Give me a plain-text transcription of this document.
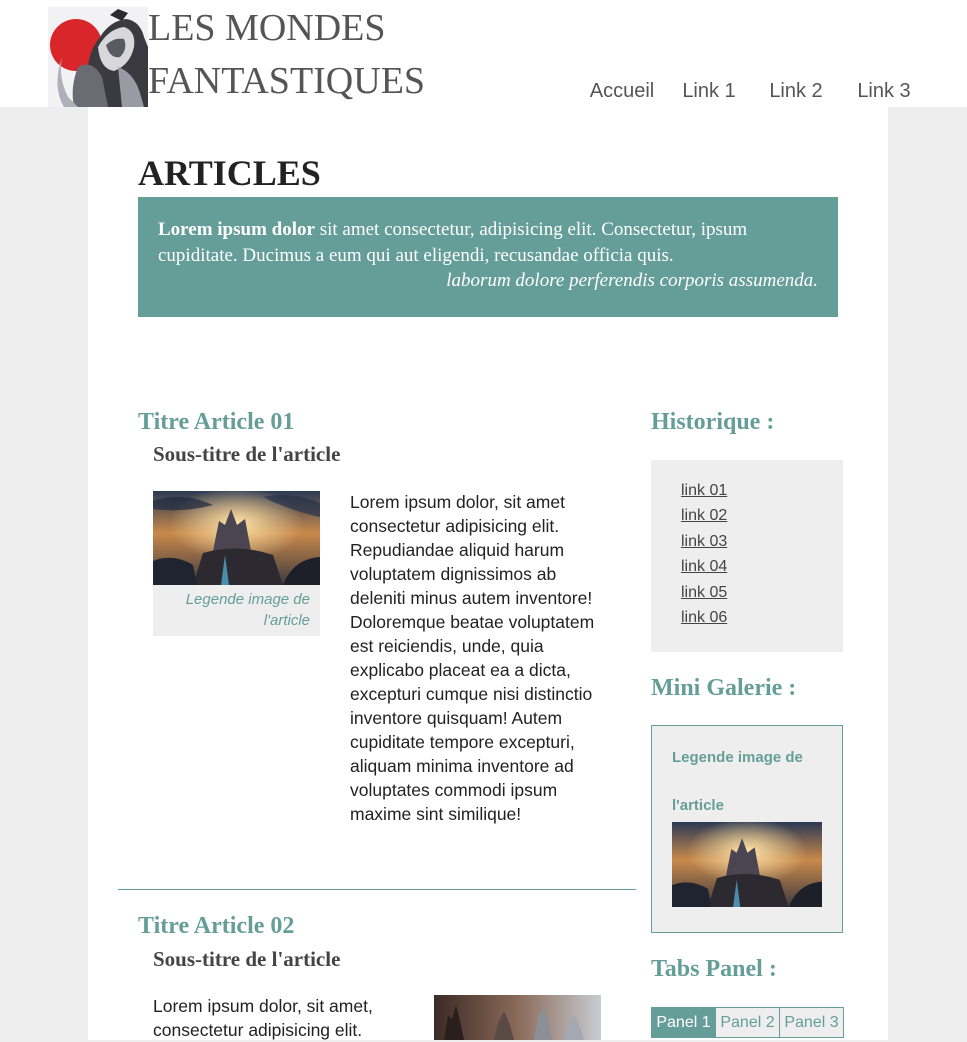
LES MONDES
FANTASTIQUES	Accueil	Link 1	Link 2	Link 3
ARTICLES

Lorem ipsum dolor sit amet consectetur, adipisicing elit. Consectetur, ipsum cupiditate. Ducimus a eum qui aut eligendi, recusandae officia quis.

laborum dolore perferendis corporis assumenda.

Titre Article 01
Sous-titre de l'article
Legende image de l'article

Lorem ipsum dolor, sit amet consectetur adipisicing elit. Repudiandae aliquid harum voluptatem dignissimos ab deleniti minus autem inventore! Doloremque beatae voluptatem est reiciendis, unde, quia explicabo placeat ea a dicta, excepturi cumque nisi distinctio inventore quisquam! Autem cupiditate tempore excepturi, aliquam minima inventore ad voluptates commodi ipsum maxime sint similique!

Titre Article 02
Sous-titre de l'article

Lorem ipsum dolor, sit amet, consectetur adipisicing elit.

Historique :
link 01
link 02
link 03
link 04
link 05
link 06
Mini Galerie :
Legende image de l'article
Tabs Panel :
Panel 1 Panel 2 Panel 3
